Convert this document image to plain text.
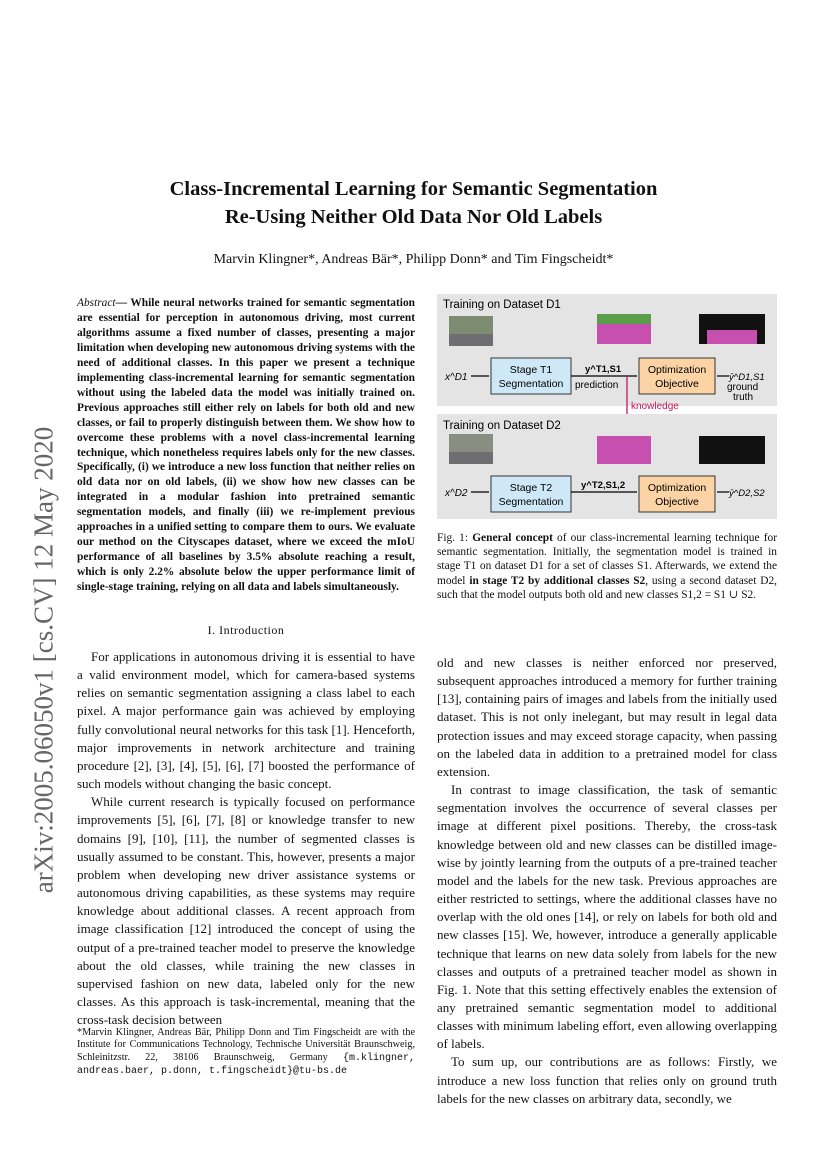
arXiv:2005.06050v1 [cs.CV] 12 May 2020
Class-Incremental Learning for Semantic Segmentation
Re-Using Neither Old Data Nor Old Labels
Marvin Klingner*, Andreas Bär*, Philipp Donn* and Tim Fingscheidt*
Abstract— While neural networks trained for semantic segmentation are essential for perception in autonomous driving, most current algorithms assume a fixed number of classes, presenting a major limitation when developing new autonomous driving systems with the need of additional classes. In this paper we present a technique implementing class-incremental learning for semantic segmentation without using the labeled data the model was initially trained on. Previous approaches still either rely on labels for both old and new classes, or fail to properly distinguish between them. We show how to overcome these problems with a novel class-incremental learning technique, which nonetheless requires labels only for the new classes. Specifically, (i) we introduce a new loss function that neither relies on old data nor on old labels, (ii) we show how new classes can be integrated in a modular fashion into pretrained semantic segmentation models, and finally (iii) we re-implement previous approaches in a unified setting to compare them to ours. We evaluate our method on the Cityscapes dataset, where we exceed the mIoU performance of all baselines by 3.5% absolute reaching a result, which is only 2.2% absolute below the upper performance limit of single-stage training, relying on all data and labels simultaneously.
I. Introduction

For applications in autonomous driving it is essential to have a valid environment model, which for camera-based systems relies on semantic segmentation assigning a class label to each pixel. A major performance gain was achieved by employing fully convolutional neural networks for this task [1]. Henceforth, major improvements in network architecture and training procedure [2], [3], [4], [5], [6], [7] boosted the performance of such models without changing the basic concept.

While current research is typically focused on performance improvements [5], [6], [7], [8] or knowledge transfer to new domains [9], [10], [11], the number of segmented classes is usually assumed to be constant. This, however, presents a major problem when developing new driver assistance systems or autonomous driving capabilities, as these systems may require knowledge about additional classes. A recent approach from image classification [12] introduced the concept of using the output of a pre-trained teacher model to preserve the knowledge about the old classes, while training the new classes in supervised fashion on new data, labeled only for the new classes. As this approach is task-incremental, meaning that the cross-task decision between

*Marvin Klingner, Andreas Bär, Philipp Donn and Tim Fingscheidt are with the Institute for Communications Technology, Technische Universität Braunschweig, Schleinitzstr. 22, 38106 Braunschweig, Germany {m.klingner, andreas.baer, p.donn, t.fingscheidt}@tu-bs.de
Training on Dataset D1
x^D1
Stage T1
Segmentation
y^T1,S1
prediction
Optimization
Objective
ȳ^D1,S1
ground
truth
knowledge
Training on Dataset D2
x^D2	Stage T2
Segmentation
y^T2,S1,2 Optimization
Objective
ȳ^D2,S2
Fig. 1: General concept of our class-incremental learning technique for semantic segmentation. Initially, the segmentation model is trained in stage T1 on dataset D1 for a set of classes S1. Afterwards, we extend the model in stage T2 by additional classes S2, using a second dataset D2, such that the model outputs both old and new classes S1,2 = S1 ∪ S2.

old and new classes is neither enforced nor preserved, subsequent approaches introduced a memory for further training [13], containing pairs of images and labels from the initially used dataset. This is not only inelegant, but may result in legal data protection issues and may exceed storage capacity, when passing on the labeled data in addition to a pretrained model for class extension.

In contrast to image classification, the task of semantic segmentation involves the occurrence of several classes per image at different pixel positions. Thereby, the cross-task knowledge between old and new classes can be distilled image-wise by jointly learning from the outputs of a pre-trained teacher model and the labels for the new task. Previous approaches are either restricted to settings, where the additional classes have no overlap with the old ones [14], or rely on labels for both old and new classes [15]. We, however, introduce a generally applicable technique that learns on new data solely from labels for the new classes and outputs of a pretrained teacher model as shown in Fig. 1. Note that this setting effectively enables the extension of any pretrained semantic segmentation model to additional classes with minimum labeling effort, even allowing overlapping of labels.

To sum up, our contributions are as follows: Firstly, we introduce a new loss function that relies only on ground truth labels for the new classes on arbitrary data, secondly, we
